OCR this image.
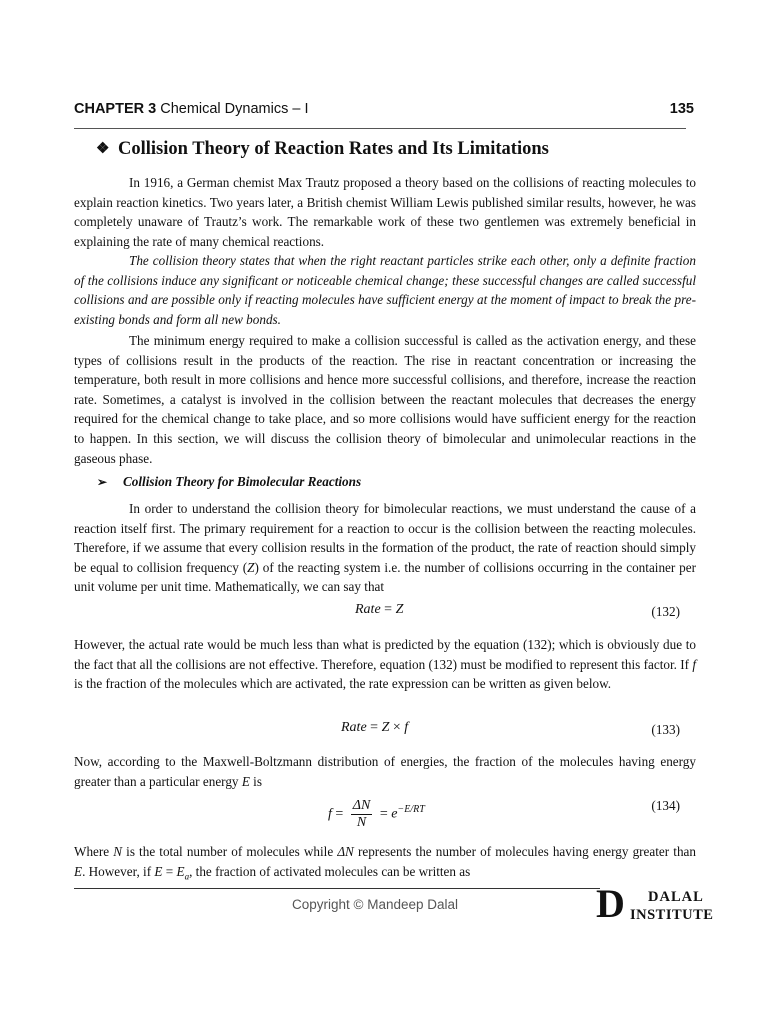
CHAPTER 3 Chemical Dynamics – I	135
❖ Collision Theory of Reaction Rates and Its Limitations
In 1916, a German chemist Max Trautz proposed a theory based on the collisions of reacting molecules to explain reaction kinetics. Two years later, a British chemist William Lewis published similar results, however, he was completely unaware of Trautz’s work. The remarkable work of these two gentlemen was extremely beneficial in explaining the rate of many chemical reactions.
The collision theory states that when the right reactant particles strike each other, only a definite fraction of the collisions induce any significant or noticeable chemical change; these successful changes are called successful collisions and are possible only if reacting molecules have sufficient energy at the moment of impact to break the pre-existing bonds and form all new bonds.
The minimum energy required to make a collision successful is called as the activation energy, and these types of collisions result in the products of the reaction. The rise in reactant concentration or increasing the temperature, both result in more collisions and hence more successful collisions, and therefore, increase the reaction rate. Sometimes, a catalyst is involved in the collision between the reactant molecules that decreases the energy required for the chemical change to take place, and so more collisions would have sufficient energy for the reaction to happen. In this section, we will discuss the collision theory of bimolecular and unimolecular reactions in the gaseous phase.
➢ Collision Theory for Bimolecular Reactions
In order to understand the collision theory for bimolecular reactions, we must understand the cause of a reaction itself first. The primary requirement for a reaction to occur is the collision between the reacting molecules. Therefore, if we assume that every collision results in the formation of the product, the rate of reaction should simply be equal to collision frequency (Z) of the reacting system i.e. the number of collisions occurring in the container per unit volume per unit time. Mathematically, we can say that
Rate = Z	(132)
However, the actual rate would be much less than what is predicted by the equation (132); which is obviously due to the fact that all the collisions are not effective. Therefore, equation (132) must be modified to represent this factor. If f is the fraction of the molecules which are activated, the rate expression can be written as given below.
Rate = Z × f	(133)
Now, according to the Maxwell-Boltzmann distribution of energies, the fraction of the molecules having energy greater than a particular energy E is
$f = \frac{\Delta N}{N} = e^{-E/RT}$	(134)
Where N is the total number of molecules while ΔN represents the number of molecules having energy greater than E. However, if $E = E_a$, the fraction of activated molecules can be written as
Copyright © Mandeep Dalal	D DALAL
INSTITUTE
